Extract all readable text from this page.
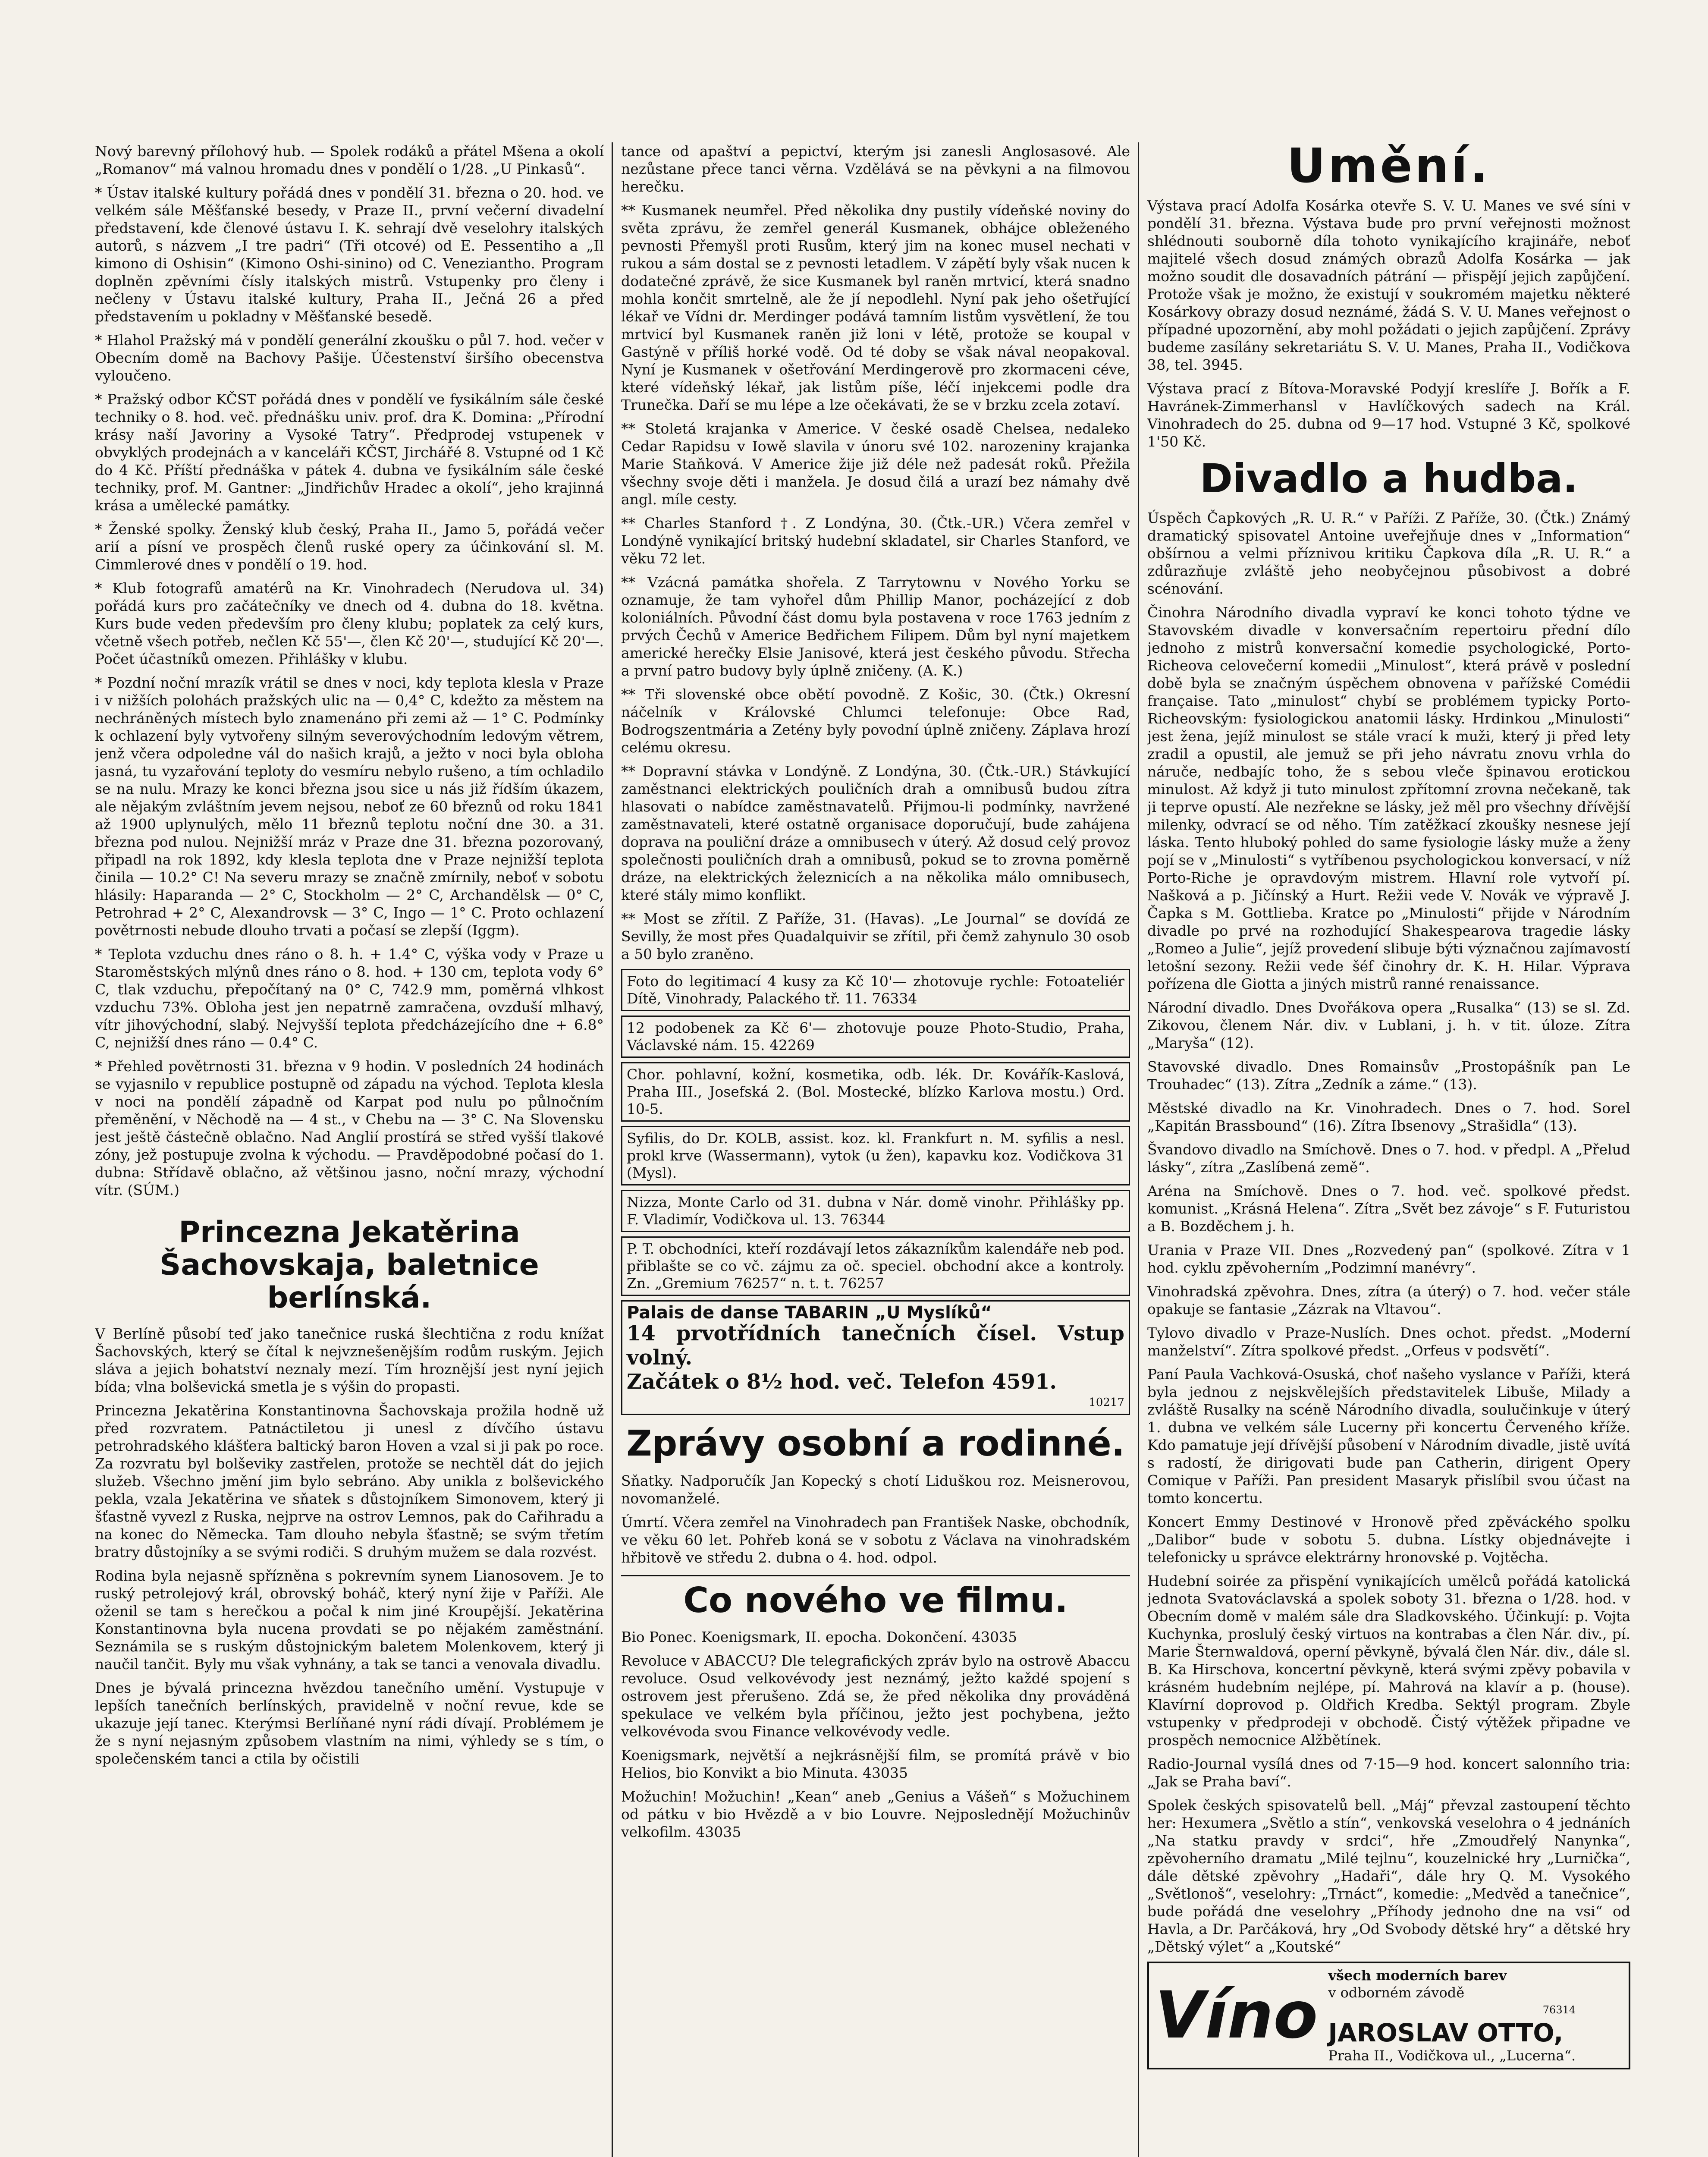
Nový barevný přílohový hub. — Spolek rodáků a přátel Mšena a okolí „Romanov“ má valnou hromadu dnes v pondělí o 1/28. „U Pinkasů“.

* Ústav italské kultury pořádá dnes v pondělí 31. března o 20. hod. ve velkém sále Měšťanské besedy, v Praze II., první večerní divadelní představení, kde členové ústavu I. K. sehrají dvě veselohry italských autorů, s názvem „I tre padri“ (Tři otcové) od E. Pessentiho a „Il kimono di Oshisin“ (Kimono Oshi-sinino) od C. Veneziantho. Program doplněn zpěvními čísly italských mistrů. Vstupenky pro členy i nečleny v Ústavu italské kultury, Praha II., Ječná 26 a před představením u pokladny v Měšťanské besedě.

* Hlahol Pražský má v pondělí generální zkoušku o půl 7. hod. večer v Obecním domě na Bachovy Pašije. Účestenství širšího obecenstva vyloučeno.

* Pražský odbor KČST pořádá dnes v pondělí ve fysikálním sále české techniky o 8. hod. več. přednášku univ. prof. dra K. Domina: „Přírodní krásy naší Javoriny a Vysoké Tatry“. Předprodej vstupenek v obvyklých prodejnách a v kanceláři KČST, Jirchářé 8. Vstupné od 1 Kč do 4 Kč. Příští přednáška v pátek 4. dubna ve fysikálním sále české techniky, prof. M. Gantner: „Jindřichův Hradec a okolí“, jeho krajinná krása a umělecké památky.

* Ženské spolky. Ženský klub český, Praha II., Jamo 5, pořádá večer arií a písní ve prospěch členů ruské opery za účinkování sl. M. Cimmlerové dnes v pondělí o 19. hod.

* Klub fotografů amatérů na Kr. Vinohradech (Nerudova ul. 34) pořádá kurs pro začátečníky ve dnech od 4. dubna do 18. května. Kurs bude veden především pro členy klubu; poplatek za celý kurs, včetně všech potřeb, nečlen Kč 55'—, člen Kč 20'—, studující Kč 20'—. Počet účastníků omezen. Přihlášky v klubu.

* Pozdní noční mrazík vrátil se dnes v noci, kdy teplota klesla v Praze i v nižších polohách pražských ulic na — 0,4° C, kdežto za městem na nechráněných místech bylo znamenáno při zemi až — 1° C. Podmínky k ochlazení byly vytvořeny silným severovýchodním ledovým větrem, jenž včera odpoledne vál do našich krajů, a ježto v noci byla obloha jasná, tu vyzařování teploty do vesmíru nebylo rušeno, a tím ochladilo se na nulu. Mrazy ke konci března jsou sice u nás již řídším úkazem, ale nějakým zvláštním jevem nejsou, neboť ze 60 březnů od roku 1841 až 1900 uplynulých, mělo 11 březnů teplotu noční dne 30. a 31. března pod nulou. Nejnižší mráz v Praze dne 31. března pozorovaný, připadl na rok 1892, kdy klesla teplota dne v Praze nejnižší teplota činila — 10.2° C! Na severu mrazy se značně zmírnily, neboť v sobotu hlásily: Haparanda — 2° C, Stockholm — 2° C, Archandělsk — 0° C, Petrohrad + 2° C, Alexandrovsk — 3° C, Ingo — 1° C. Proto ochlazení povětrnosti nebude dlouho trvati a počasí se zlepší (Iggm).

* Teplota vzduchu dnes ráno o 8. h. + 1.4° C, výška vody v Praze u Staroměstských mlýnů dnes ráno o 8. hod. + 130 cm, teplota vody 6° C, tlak vzduchu, přepočítaný na 0° C, 742.9 mm, poměrná vlhkost vzduchu 73%. Obloha jest jen nepatrně zamračena, ovzduší mlhavý, vítr jihovýchodní, slabý. Nejvyšší teplota předcházejícího dne + 6.8° C, nejnižší dnes ráno — 0.4° C.

* Přehled povětrnosti 31. března v 9 hodin. V posledních 24 hodinách se vyjasnilo v republice postupně od západu na východ. Teplota klesla v noci na pondělí západně od Karpat pod nulu po půlnočním přeměnění, v Něchodě na — 4 st., v Chebu na — 3° C. Na Slovensku jest ještě částečně oblačno. Nad Anglií prostírá se střed vyšší tlakové zóny, jež postupuje zvolna k východu. — Pravděpodobné počasí do 1. dubna: Střídavě oblačno, až většinou jasno, noční mrazy, východní vítr. (SÚM.)

Princezna Jekatěrina Šachovskaja, baletnice berlínská.

V Berlíně působí teď jako tanečnice ruská šlechtična z rodu knížat Šachovských, který se čítal k nejvznešenějším rodům ruským. Jejich sláva a jejich bohatství neznaly mezí. Tím hroznější jest nyní jejich bída; vlna bolševická smetla je s výšin do propasti.

Princezna Jekatěrina Konstantinovna Šachovskaja prožila hodně už před rozvratem. Patnáctiletou ji unesl z dívčího ústavu petrohradského klášťera baltický baron Hoven a vzal si ji pak po roce. Za rozvratu byl bolševiky zastřelen, protože se nechtěl dát do jejich služeb. Všechno jmění jim bylo sebráno. Aby unikla z bolševického pekla, vzala Jekatěrina ve sňatek s důstojníkem Simonovem, který ji šťastně vyvezl z Ruska, nejprve na ostrov Lemnos, pak do Cařihradu a na konec do Německa. Tam dlouho nebyla šťastně; se svým třetím bratry důstojníky a se svými rodiči. S druhým mužem se dala rozvést.

Rodina byla nejasně spřízněna s pokrevním synem Lianosovem. Je to ruský petrolejový král, obrovský boháč, který nyní žije v Paříži. Ale oženil se tam s herečkou a počal k nim jiné Kroupější. Jekatěrina Konstantinovna byla nucena provdati se po nějakém zaměstnání. Seznámila se s ruským důstojnickým baletem Molenkovem, který ji naučil tančit. Byly mu však vyhnány, a tak se tanci a venovala divadlu.

Dnes je bývalá princezna hvězdou tanečního umění. Vystupuje v lepších tanečních berlínských, pravidelně v noční revue, kde se ukazuje její tanec. Kterýmsi Berlíňané nyní rádi dívají. Problémem je že s nyní nejasným způsobem vlastním na nimi, výhledy se s tím, o společenském tanci a ctila by očistili

tance od apaštví a pepictví, kterým jsi zanesli Anglosasové. Ale nezůstane přece tanci věrna. Vzdělává se na pěvkyni a na filmovou herečku.

** Kusmanek neumřel. Před několika dny pustily vídeňské noviny do světa zprávu, že zemřel generál Kusmanek, obhájce obleženého pevnosti Přemyšl proti Rusům, který jim na konec musel nechati v rukou a sám dostal se z pevnosti letadlem. V zápětí byly však nucen k dodatečné zprávě, že sice Kusmanek byl raněn mrtvicí, která snadno mohla končit smrtelně, ale že jí nepodlehl. Nyní pak jeho ošetřující lékař ve Vídni dr. Merdinger podává tamním listům vysvětlení, že tou mrtvicí byl Kusmanek raněn již loni v létě, protože se koupal v Gastýně v příliš horké vodě. Od té doby se však nával neopakoval. Nyní je Kusmanek v ošetřování Merdingerově pro zkormaceni céve, které vídeňský lékař, jak listům píše, léčí injekcemi podle dra Trunečka. Daří se mu lépe a lze očekávati, že se v brzku zcela zotaví.

** Stoletá krajanka v Americe. V české osadě Chelsea, nedaleko Cedar Rapidsu v Iowě slavila v únoru své 102. narozeniny krajanka Marie Staňková. V Americe žije již déle než padesát roků. Přežila všechny svoje děti i manžela. Je dosud čilá a urazí bez námahy dvě angl. míle cesty.

** Charles Stanford †. Z Londýna, 30. (Čtk.-UR.) Včera zemřel v Londýně vynikající britský hudební skladatel, sir Charles Stanford, ve věku 72 let.

** Vzácná památka shořela. Z Tarrytownu v Nového Yorku se oznamuje, že tam vyhořel dům Phillip Manor, pocházející z dob koloniálních. Původní část domu byla postavena v roce 1763 jedním z prvých Čechů v Americe Bedřichem Filipem. Dům byl nyní majetkem americké herečky Elsie Janisové, která jest českého původu. Střecha a první patro budovy byly úplně zničeny. (A. K.)

** Tři slovenské obce obětí povodně. Z Košic, 30. (Čtk.) Okresní náčelník v Královské Chlumci telefonuje: Obce Rad, Bodrogszentmária a Zetény byly povodní úplně zničeny. Záplava hrozí celému okresu.

** Dopravní stávka v Londýně. Z Londýna, 30. (Čtk.-UR.) Stávkující zaměstnanci elektrických pouličních drah a omnibusů budou zítra hlasovati o nabídce zaměstnavatelů. Přijmou-li podmínky, navržené zaměstnavateli, které ostatně organisace doporučují, bude zahájena doprava na pouliční dráze a omnibusech v úterý. Až dosud celý provoz společnosti pouličních drah a omnibusů, pokud se to zrovna poměrně dráze, na elektrických železnicích a na několika málo omnibusech, které stály mimo konflikt.

** Most se zřítil. Z Paříže, 31. (Havas). „Le Journal“ se dovídá ze Sevilly, že most přes Quadalquivir se zřítil, při čemž zahynulo 30 osob a 50 bylo zraněno.

Foto do legitimací 4 kusy za Kč 10'— zhotovuje rychle: Fotoateliér Dítě, Vinohrady, Palackého tř. 11. 76334

12 podobenek za Kč 6'— zhotovuje pouze Photo-Studio, Praha, Václavské nám. 15. 42269

Chor. pohlavní, kožní, kosmetika, odb. lék. Dr. Kovářík-Kaslová, Praha III., Josefská 2. (Bol. Mostecké, blízko Karlova mostu.) Ord. 10-5.

Syfilis, do Dr. KOLB, assist. koz. kl. Frankfurt n. M. syfilis a nesl. prokl krve (Wassermann), vytok (u žen), kapavku koz. Vodičkova 31 (Mysl).

Nizza, Monte Carlo od 31. dubna v Nár. domě vinohr. Přihlášky pp. F. Vladimír, Vodičkova ul. 13. 76344

P. T. obchodníci, kteří rozdávají letos zákazníkům kalendáře neb pod. přiblašte se co vč. zájmu za oč. speciel. obchodní akce a kontroly. Zn. „Gremium 76257“ n. t. t. 76257

Palais de danse TABARIN „U Myslíků“
14 prvotřídních tanečních čísel. Vstup volný.
Začátek o 8½ hod. več. Telefon 4591.
10217
Zprávy osobní a rodinné.

Sňatky. Nadporučík Jan Kopecký s chotí Liduškou roz. Meisnerovou, novomanželé.

Úmrtí. Včera zemřel na Vinohradech pan František Naske, obchodník, ve věku 60 let. Pohřeb koná se v sobotu z Václava na vinohradském hřbitově ve středu 2. dubna o 4. hod. odpol.

Co nového ve filmu.

Bio Ponec. Koenigsmark, II. epocha. Dokončení. 43035

Revoluce v ABACCU? Dle telegrafických zpráv bylo na ostrově Abaccu revoluce. Osud velkovévody jest neznámý, ježto každé spojení s ostrovem jest přerušeno. Zdá se, že před několika dny prováděná spekulace ve velkém byla příčinou, ježto jest pochybena, ježto velkovévoda svou Finance velkovévody vedle.

Koenigsmark, největší a nejkrásnější film, se promítá právě v bio Helios, bio Konvikt a bio Minuta. 43035

Možuchin! Možuchin! „Kean“ aneb „Genius a Vášeň“ s Možuchinem od pátku v bio Hvězdě a v bio Louvre. Nejposlednějí Možuchinův velkofilm. 43035

Umění.

Výstava prací Adolfa Kosárka otevře S. V. U. Manes ve své síni v pondělí 31. března. Výstava bude pro první veřejnosti možnost shlédnouti souborně díla tohoto vynikajícího krajináře, neboť majitelé všech dosud známých obrazů Adolfa Kosárka — jak možno soudit dle dosavadních pátrání — přispějí jejich zapůjčení. Protože však je možno, že existují v soukromém majetku některé Kosárkovy obrazy dosud neznámé, žádá S. V. U. Manes veřejnost o případné upozornění, aby mohl požádati o jejich zapůjčení. Zprávy budeme zasílány sekretariátu S. V. U. Manes, Praha II., Vodičkova 38, tel. 3945.

Výstava prací z Bítova-Moravské Podyjí kreslíře J. Bořík a F. Havránek-Zimmerhansl v Havlíčkových sadech na Král. Vinohradech do 25. dubna od 9—17 hod. Vstupné 3 Kč, spolkové 1'50 Kč.

Divadlo a hudba.

Úspěch Čapkových „R. U. R.“ v Paříži. Z Paříže, 30. (Čtk.) Známý dramatický spisovatel Antoine uveřejňuje dnes v „Information“ obšírnou a velmi příznivou kritiku Čapkova díla „R. U. R.“ a zdůrazňuje zvláště jeho neobyčejnou působivost a dobré scénování.

Činohra Národního divadla vypraví ke konci tohoto týdne ve Stavovském divadle v konversačním repertoiru přední dílo jednoho z mistrů konversační komedie psychologické, Porto-Richeova celovečerní komedii „Minulost“, která právě v poslední době byla se značným úspěchem obnovena v pařížské Comédii française. Tato „minulost“ chybí se problémem typicky Porto-Richeovským: fysiologickou anatomii lásky. Hrdinkou „Minulosti“ jest žena, jejíž minulost se stále vrací k muži, který ji před lety zradil a opustil, ale jemuž se při jeho návratu znovu vrhla do náruče, nedbajíc toho, že s sebou vleče špinavou erotickou minulost. Až když ji tuto minulost zpřítomní zrovna nečekaně, tak ji teprve opustí. Ale nezřekne se lásky, jež měl pro všechny dřívější milenky, odvrací se od něho. Tím zatěžkací zkoušky nesnese její láska. Tento hluboký pohled do same fysiologie lásky muže a ženy pojí se v „Minulosti“ s vytříbenou psychologickou konversací, v níž Porto-Riche je opravdovým mistrem. Hlavní role vytvoří pí. Našková a p. Jičínský a Hurt. Režii vede V. Novák ve výpravě J. Čapka s M. Gottlieba. Kratce po „Minulosti“ přijde v Národním divadle po prvé na rozhodující Shakespearova tragedie lásky „Romeo a Julie“, jejíž provedení slibuje býti význačnou zajímavostí letošní sezony. Režii vede šéf činohry dr. K. H. Hilar. Výprava pořízena dle Giotta a jiných mistrů ranné renaissance.

Národní divadlo. Dnes Dvořákova opera „Rusalka“ (13) se sl. Zd. Zikovou, členem Nár. div. v Lublani, j. h. v tit. úloze. Zítra „Maryša“ (12).

Stavovské divadlo. Dnes Romainsův „Prostopášník pan Le Trouhadec“ (13). Zítra „Zedník a záme.“ (13).

Městské divadlo na Kr. Vinohradech. Dnes o 7. hod. Sorel „Kapitán Brassbound“ (16). Zítra Ibsenovy „Strašidla“ (13).

Švandovo divadlo na Smíchově. Dnes o 7. hod. v předpl. A „Přelud lásky“, zítra „Zaslíbená země“.

Aréna na Smíchově. Dnes o 7. hod. več. spolkové předst. komunist. „Krásná Helena“. Zítra „Svět bez závoje“ s F. Futuristou a B. Bozděchem j. h.

Urania v Praze VII. Dnes „Rozvedený pan“ (spolkové. Zítra v 1 hod. cyklu zpěvoherním „Podzimní manévry“.

Vinohradská zpěvohra. Dnes, zítra (a úterý) o 7. hod. večer stále opakuje se fantasie „Zázrak na Vltavou“.

Tylovo divadlo v Praze-Nuslích. Dnes ochot. předst. „Moderní manželství“. Zítra spolkové předst. „Orfeus v podsvětí“.

Paní Paula Vachková-Osuská, choť našeho vyslance v Paříži, která byla jednou z nejskvělejších představitelek Libuše, Milady a zvláště Rusalky na scéně Národního divadla, soulučinkuje v úterý 1. dubna ve velkém sále Lucerny při koncertu Červeného kříže. Kdo pamatuje její dřívější působení v Národním divadle, jistě uvítá s radostí, že dirigovati bude pan Catherin, dirigent Opery Comique v Paříži. Pan president Masaryk přislíbil svou účast na tomto koncertu.

Koncert Emmy Destinové v Hronově před zpěváckého spolku „Dalibor“ bude v sobotu 5. dubna. Lístky objednávejte i telefonicky u správce elektrárny hronovské p. Vojtěcha.

Hudební soirée za přispění vynikajících umělců pořádá katolická jednota Svatováclavská a spolek soboty 31. března o 1/28. hod. v Obecním domě v malém sále dra Sladkovského. Účinkují: p. Vojta Kuchynka, proslulý český virtuos na kontrabas a člen Nár. div., pí. Marie Šternwaldová, operní pěvkyně, bývalá člen Nár. div., dále sl. B. Ka Hirschova, koncertní pěvkyně, která svými zpěvy pobavila v krásném hudebním nejlépe, pí. Mahrová na klavír a p. (house). Klavírní doprovod p. Oldřich Kredba. Sektýl program. Zbyle vstupenky v předprodeji v obchodě. Čistý výtěžek připadne ve prospěch nemocnice Alžbětínek.

Radio-Journal vysílá dnes od 7·15—9 hod. koncert salonního tria: „Jak se Praha baví“.

Spolek českých spisovatelů bell. „Máj“ převzal zastoupení těchto her: Hexumera „Světlo a stín“, venkovská veselohra o 4 jednáních „Na statku pravdy v srdci“, hře „Zmoudřelý Nanynka“, zpěvoherního dramatu „Milé tejlnu“, kouzelnické hry „Lurnička“, dále dětské zpěvohry „Hadaři“, dále hry Q. M. Vysokého „Světlonoš“, veselohry: „Trnáct“, komedie: „Medvěd a tanečnice“, bude pořádá dne veselohry „Příhody jednoho dne na vsi“ od Havla, a Dr. Parčáková, hry „Od Svobody dětské hry“ a dětské hry „Dětský výlet“ a „Koutské“

Víno
všech moderních barev
v odborném závodě
76314
JAROSLAV OTTO,
Praha II., Vodičkova ul., „Lucerna“.
